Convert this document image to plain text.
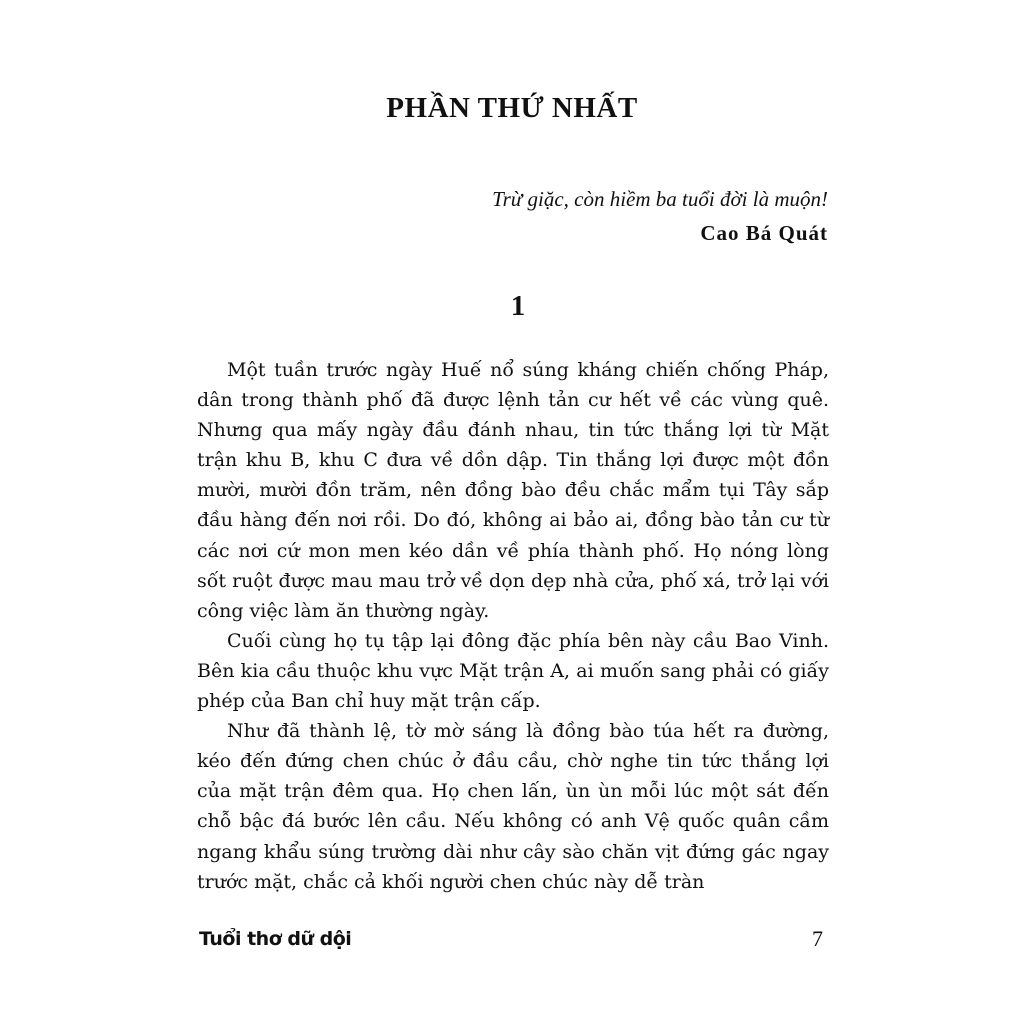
PHẦN THỨ NHẤT
Trừ giặc, còn hiềm ba tuổi đời là muộn!
Cao Bá Quát
1

Một tuần trước ngày Huế nổ súng kháng chiến chống Pháp, dân trong thành phố đã được lệnh tản cư hết về các vùng quê. Nhưng qua mấy ngày đầu đánh nhau, tin tức thắng lợi từ Mặt trận khu B, khu C đưa về dồn dập. Tin thắng lợi được một đồn mười, mười đồn trăm, nên đồng bào đều chắc mẩm tụi Tây sắp đầu hàng đến nơi rồi. Do đó, không ai bảo ai, đồng bào tản cư từ các nơi cứ mon men kéo dần về phía thành phố. Họ nóng lòng sốt ruột được mau mau trở về dọn dẹp nhà cửa, phố xá, trở lại với công việc làm ăn thường ngày.

Cuối cùng họ tụ tập lại đông đặc phía bên này cầu Bao Vinh. Bên kia cầu thuộc khu vực Mặt trận A, ai muốn sang phải có giấy phép của Ban chỉ huy mặt trận cấp.

Như đã thành lệ, tờ mờ sáng là đồng bào túa hết ra đường, kéo đến đứng chen chúc ở đầu cầu, chờ nghe tin tức thắng lợi của mặt trận đêm qua. Họ chen lấn, ùn ùn mỗi lúc một sát đến chỗ bậc đá bước lên cầu. Nếu không có anh Vệ quốc quân cầm ngang khẩu súng trường dài như cây sào chăn vịt đứng gác ngay trước mặt, chắc cả khối người chen chúc này dễ tràn

Tuổi thơ dữ dội	7
